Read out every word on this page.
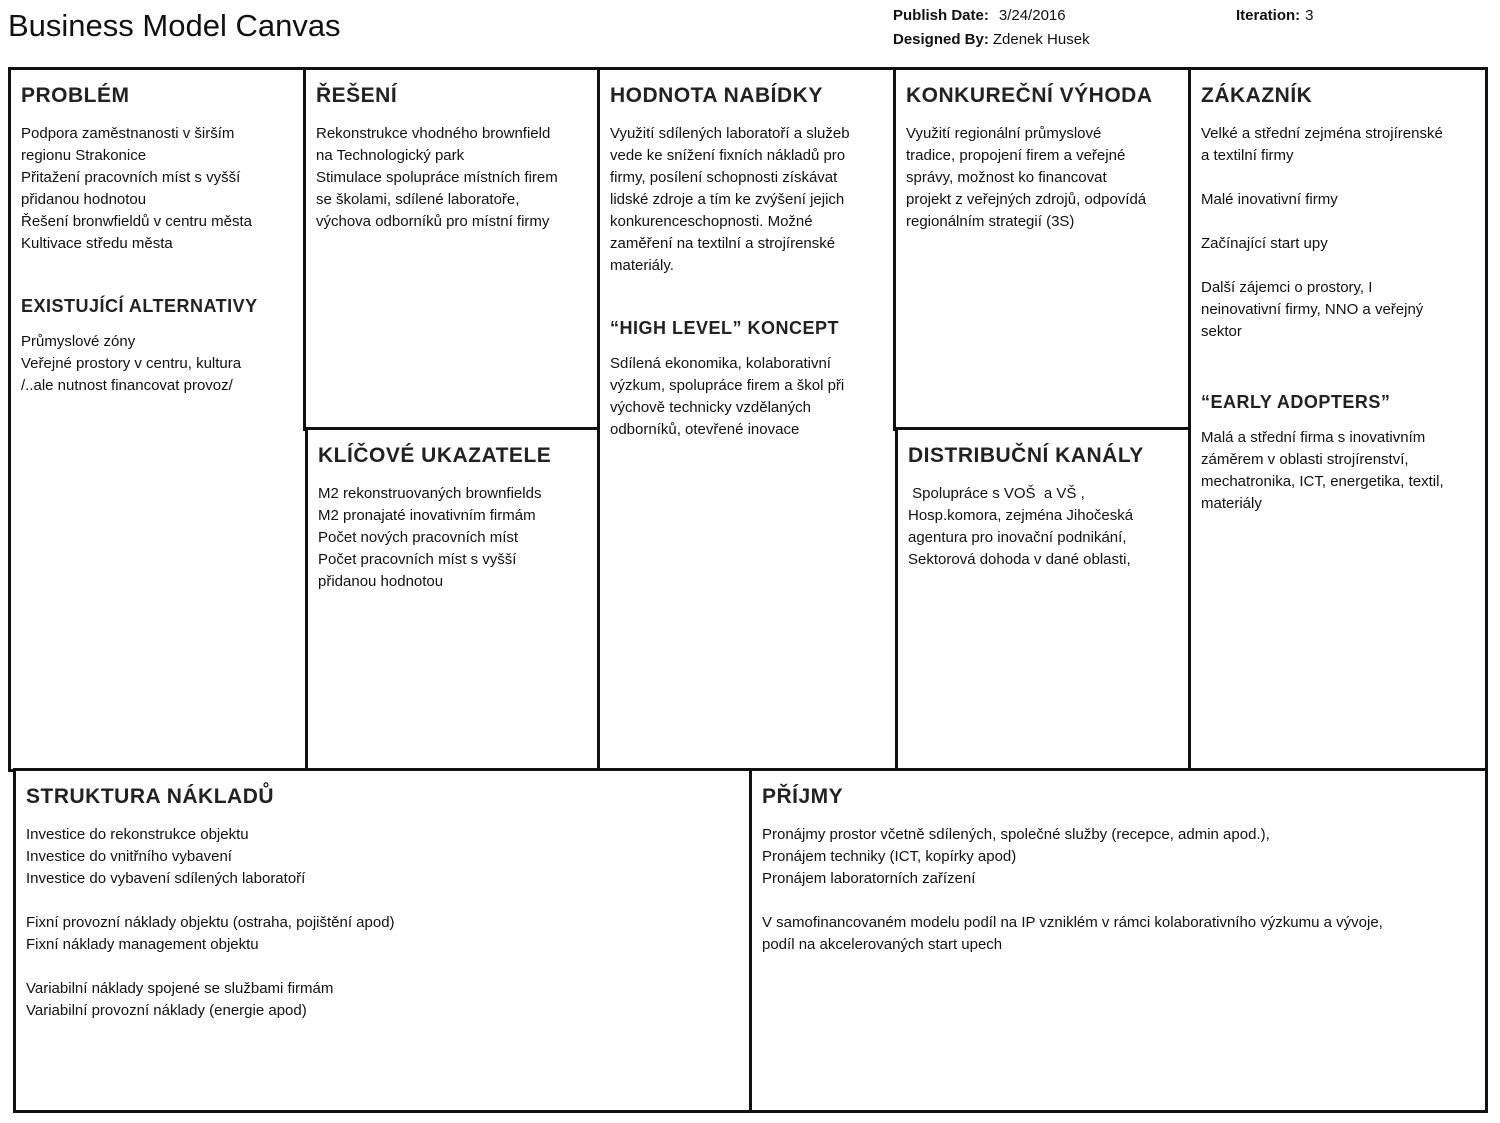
Business Model Canvas	Publish Date: 3/24/2016
Designed By: Zdenek Husek
Iteration: 3
PROBLÉM
Podpora zaměstnanosti v širším
regionu Strakonice
Přitažení pracovních míst s vyšší
přidanou hodnotou
Řešení bronwfieldů v centru města
Kultivace středu města
EXISTUJÍCÍ ALTERNATIVY
Průmyslové zóny
Veřejné prostory v centru, kultura
/..ale nutnost financovat provoz/
ŘEŠENÍ
Rekonstrukce vhodného brownfield
na Technologický park
Stimulace spolupráce místních firem
se školami, sdílené laboratoře,
výchova odborníků pro místní firmy
KLÍČOVÉ UKAZATELE
M2 rekonstruovaných brownfields
M2 pronajaté inovativním firmám
Počet nových pracovních míst
Počet pracovních míst s vyšší
přidanou hodnotou
HODNOTA NABÍDKY
Využití sdílených laboratoří a služeb
vede ke snížení fixních nákladů pro
firmy, posílení schopnosti získávat
lidské zdroje a tím ke zvýšení jejich
konkurenceschopnosti. Možné
zaměření na textilní a strojírenské
materiály.
“HIGH LEVEL” KONCEPT
Sdílená ekonomika, kolaborativní
výzkum, spolupráce firem a škol při
výchově technicky vzdělaných
odborníků, otevřené inovace
KONKUREČNÍ VÝHODA
Využití regionální průmyslové
tradice, propojení firem a veřejné
správy, možnost ko financovat
projekt z veřejných zdrojů, odpovídá
regionálním strategií (3S)
DISTRIBUČNÍ KANÁLY
Spolupráce s VOŠ  a VŠ ,
Hosp.komora, zejména Jihočeská
agentura pro inovační podnikání,
Sektorová dohoda v dané oblasti,
ZÁKAZNÍK
Velké a střední zejména strojírenské
a textilní firmy
Malé inovativní firmy
Začínající start upy
Další zájemci o prostory, I
neinovativní firmy, NNO a veřejný
sektor
“EARLY ADOPTERS”
Malá a střední firma s inovativním
záměrem v oblasti strojírenství,
mechatronika, ICT, energetika, textil,
materiály
STRUKTURA NÁKLADŮ
Investice do rekonstrukce objektu
Investice do vnitřního vybavení
Investice do vybavení sdílených laboratoří
Fixní provozní náklady objektu (ostraha, pojištění apod)
Fixní náklady management objektu
Variabilní náklady spojené se službami firmám
Variabilní provozní náklady (energie apod)
PŘÍJMY
Pronájmy prostor včetně sdílených, společné služby (recepce, admin apod.),
Pronájem techniky (ICT, kopírky apod)
Pronájem laboratorních zařízení
V samofinancovaném modelu podíl na IP vzniklém v rámci kolaborativního výzkumu a vývoje,
podíl na akcelerovaných start upech
